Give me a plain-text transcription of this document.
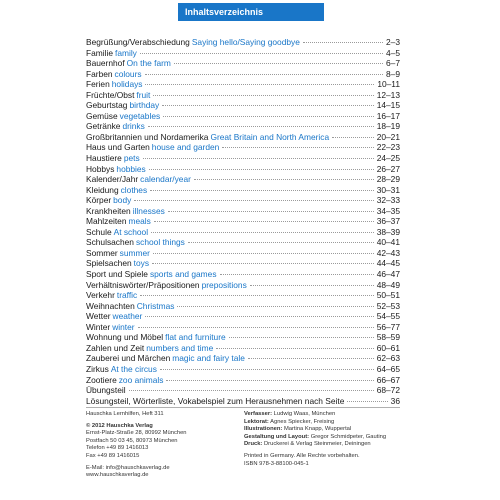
Inhaltsverzeichnis
Begrüßung/Verabschiedung Saying hello/Saying goodbye	2–3
Familie family	4–5
Bauernhof On the farm	6–7
Farben colours	8–9
Ferien holidays	10–11
Früchte/Obst fruit	12–13
Geburtstag birthday	14–15
Gemüse vegetables	16–17
Getränke drinks	18–19
Großbritannien und Nordamerika Great Britain and North America	20–21
Haus und Garten house and garden	22–23
Haustiere pets	24–25
Hobbys hobbies	26–27
Kalender/Jahr calendar/year	28–29
Kleidung clothes	30–31
Körper body	32–33
Krankheiten illnesses	34–35
Mahlzeiten meals	36–37
Schule At school	38–39
Schulsachen school things	40–41
Sommer summer	42–43
Spielsachen toys	44–45
Sport und Spiele sports and games	46–47
Verhältniswörter/Präpositionen prepositions	48–49
Verkehr traffic	50–51
Weihnachten Christmas	52–53
Wetter weather	54–55
Winter winter	56–77
Wohnung und Möbel flat and furniture	58–59
Zahlen und Zeit numbers and time	60–61
Zauberei und Märchen magic and fairy tale	62–63
Zirkus At the circus	64–65
Zootiere zoo animals	66–67
Übungsteil	68–72
Lösungsteil, Wörterliste, Vokabelspiel zum Herausnehmen nach Seite	36
Hauschka Lernhilfen, Heft 311
© 2012 Hauschka Verlag
Ernst-Platz-Straße 28, 80992 München
Postfach 50 03 45, 80973 München
Telefon +49 89 1416013
Fax +49 89 1416015
E-Mail: info@hauschkaverlag.de
www.hauschkaverlag.de
Verfasser: Ludwig Waas, München
Lektorat: Agnes Spiecker, Freising
Illustrationen: Martina Knapp, Wuppertal
Gestaltung und Layout: Gregor Schmidpeter, Gauting
Druck: Druckerei & Verlag Steinmeier, Deiningen
Printed in Germany. Alle Rechte vorbehalten.
ISBN 978-3-88100-045-1
